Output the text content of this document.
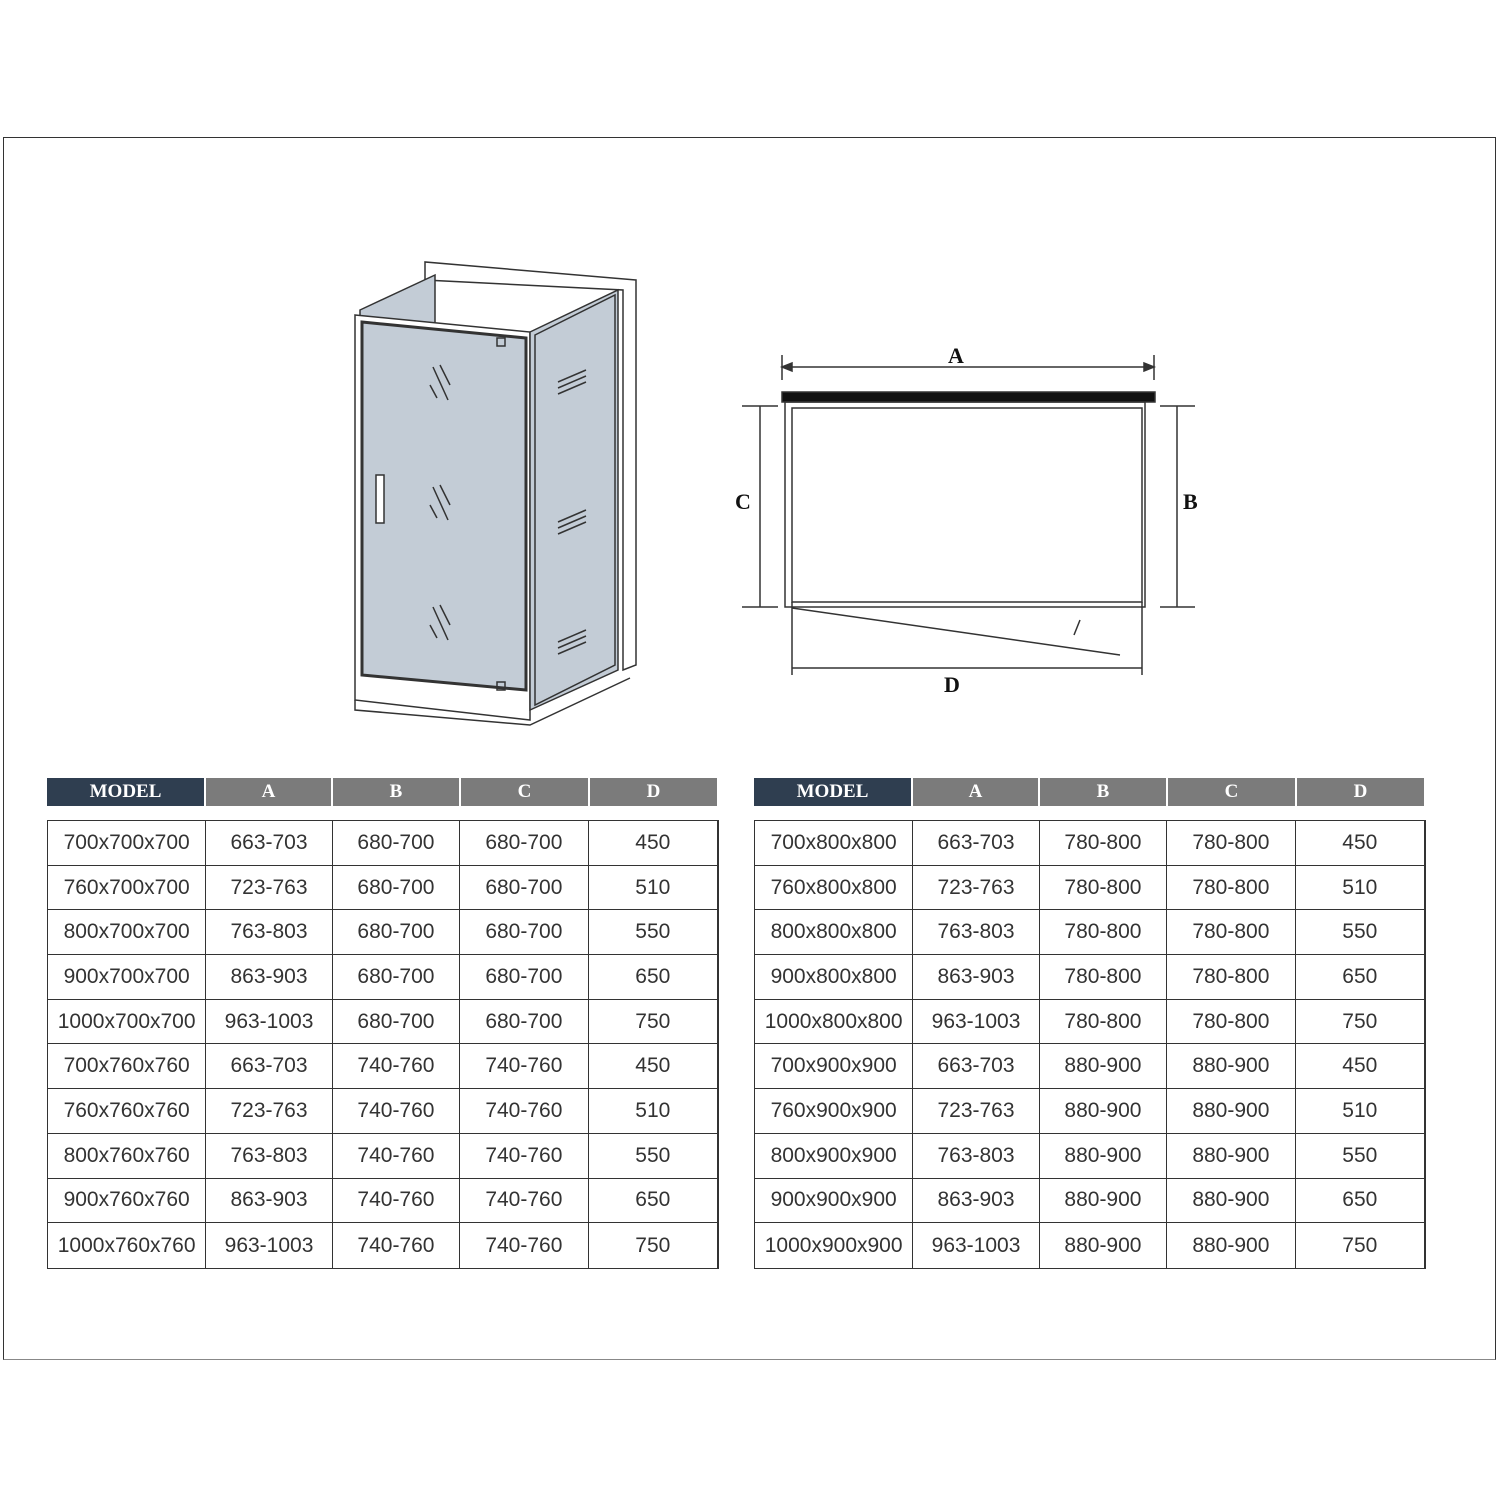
A
C	B
D
MODEL	A	B	C	D
700x700x700	663-703	680-700	680-700	450
760x700x700	723-763	680-700	680-700	510
800x700x700	763-803	680-700	680-700	550
900x700x700	863-903	680-700	680-700	650
1000x700x700	963-1003	680-700	680-700	750
700x760x760	663-703	740-760	740-760	450
760x760x760	723-763	740-760	740-760	510
800x760x760	763-803	740-760	740-760	550
900x760x760	863-903	740-760	740-760	650
1000x760x760	963-1003	740-760	740-760	750
MODEL	A	B	C	D
700x800x800	663-703	780-800	780-800	450
760x800x800	723-763	780-800	780-800	510
800x800x800	763-803	780-800	780-800	550
900x800x800	863-903	780-800	780-800	650
1000x800x800	963-1003	780-800	780-800	750
700x900x900	663-703	880-900	880-900	450
760x900x900	723-763	880-900	880-900	510
800x900x900	763-803	880-900	880-900	550
900x900x900	863-903	880-900	880-900	650
1000x900x900	963-1003	880-900	880-900	750
